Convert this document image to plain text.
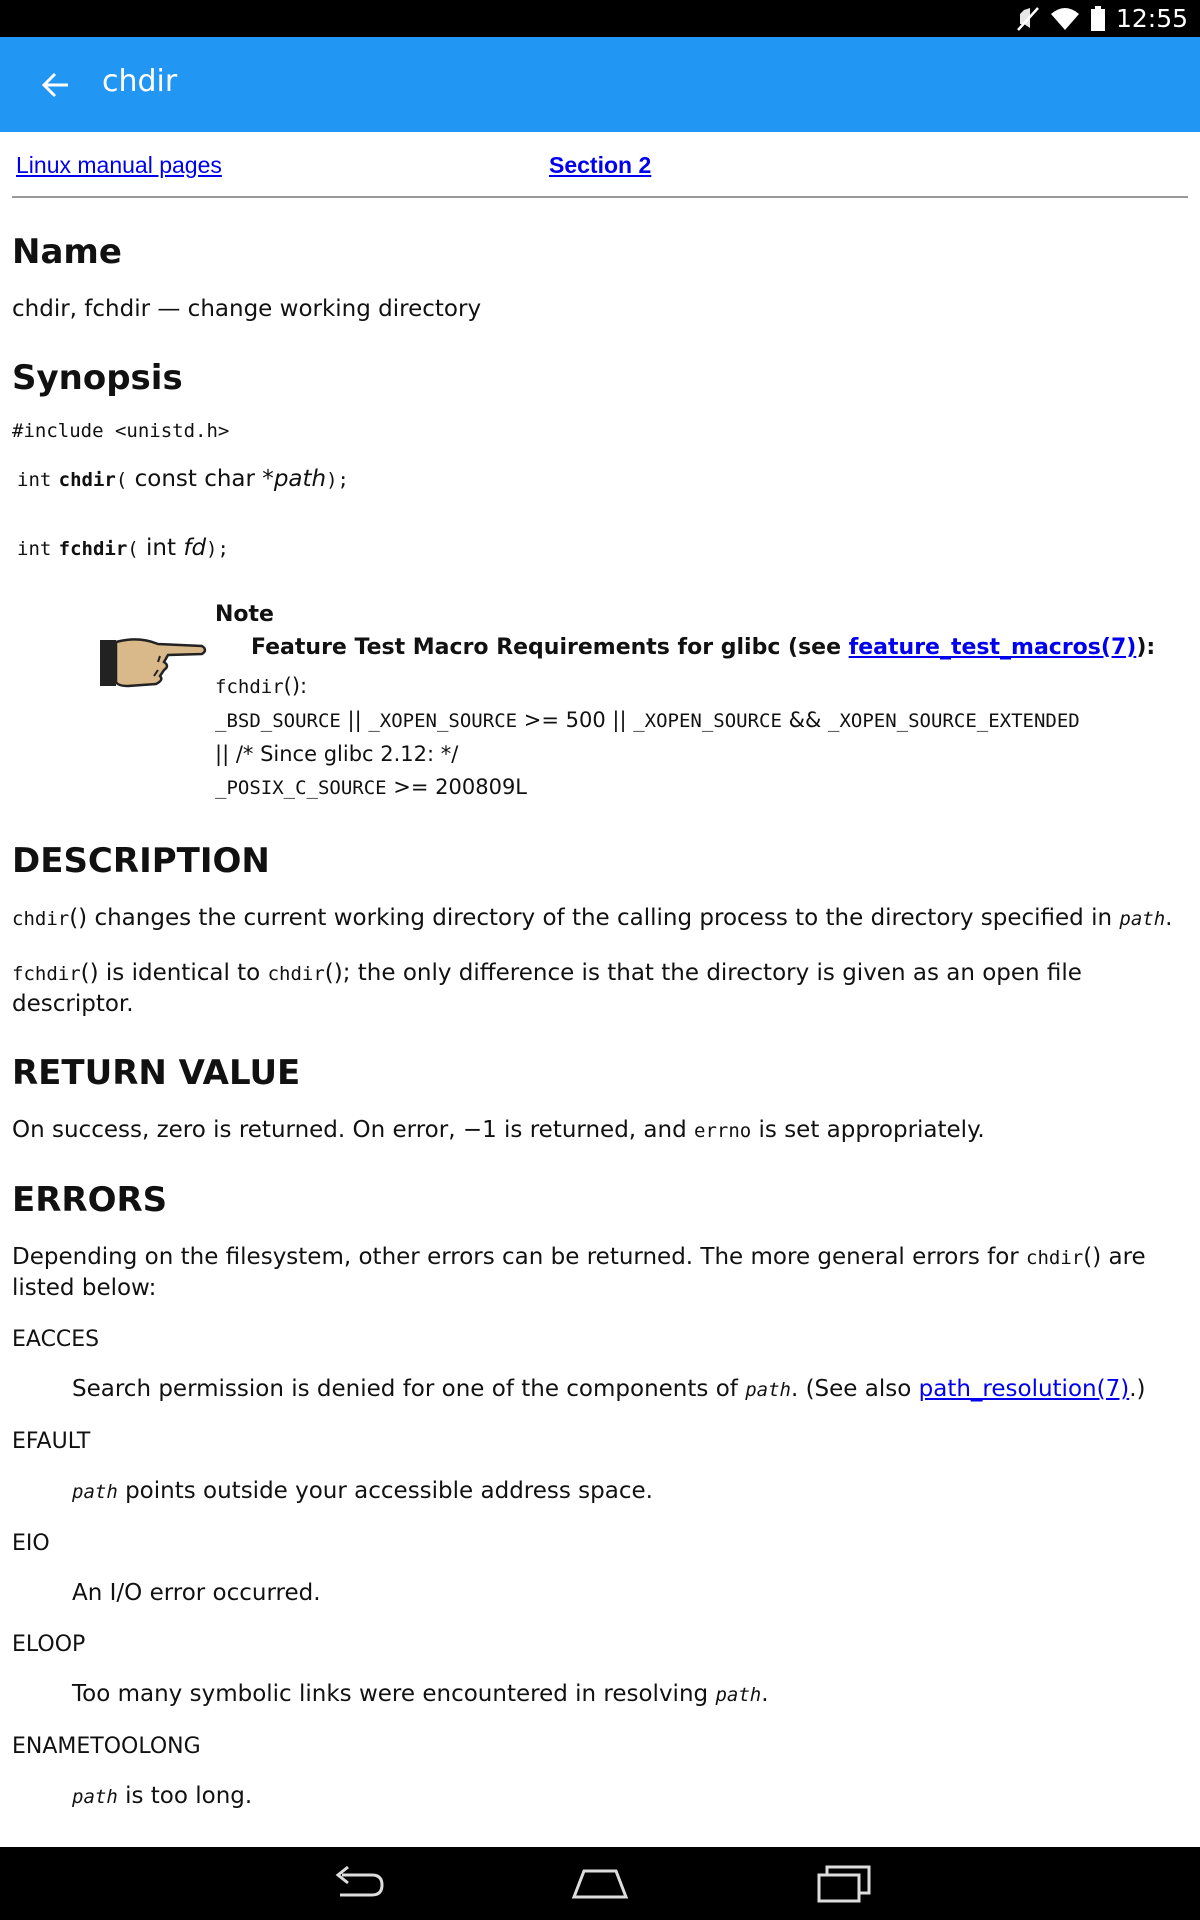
12:55
chdir
Linux manual pages	Section 2
Name

chdir, fchdir — change working directory

Synopsis
#include <unistd.h>
int chdir( const char *path);
int fchdir( int fd);
Note
Feature Test Macro Requirements for glibc (see feature_test_macros(7)):
fchdir():
_BSD_SOURCE || _XOPEN_SOURCE >= 500 || _XOPEN_SOURCE && _XOPEN_SOURCE_EXTENDED
|| /* Since glibc 2.12: */
_POSIX_C_SOURCE >= 200809L
DESCRIPTION

chdir() changes the current working directory of the calling process to the directory specified in path.

fchdir() is identical to chdir(); the only difference is that the directory is given as an open file descriptor.

RETURN VALUE

On success, zero is returned. On error, −1 is returned, and errno is set appropriately.

ERRORS

Depending on the filesystem, other errors can be returned. The more general errors for chdir() are listed below:

EACCES
Search permission is denied for one of the components of path. (See also path_resolution(7).)
EFAULT
path points outside your accessible address space.
EIO
An I/O error occurred.
ELOOP
Too many symbolic links were encountered in resolving path.
ENAMETOOLONG
path is too long.
